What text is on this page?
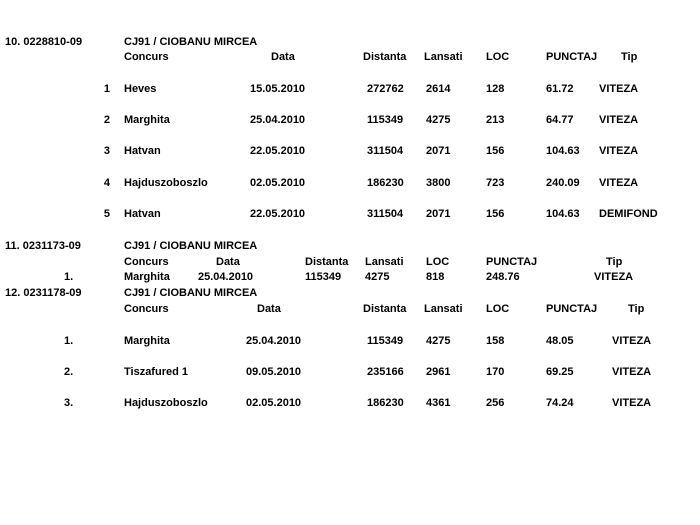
10. 0228810-09	CJ91 / CIOBANU MIRCEA
Concurs	Data	Distanta Lansati LOC	PUNCTAJ Tip
1 Heves	15.05.2010	272762 2614	128	61.72 VITEZA
2 Marghita	25.04.2010	115349 4275	213	64.77 VITEZA
3 Hatvan	22.05.2010	311504 2071	156	104.63 VITEZA
4 Hajduszoboszlo	02.05.2010	186230 3800	723	240.09 VITEZA
5 Hatvan	22.05.2010	311504 2071	156	104.63 DEMIFOND
11. 0231173-09	CJ91 / CIOBANU MIRCEA
Concurs	Data	Distanta Lansati LOC	PUNCTAJ	Tip
1.	Marghita	25.04.2010	115349 4275	818	248.76	VITEZA
12. 0231178-09	CJ91 / CIOBANU MIRCEA
Concurs	Data	Distanta Lansati LOC	PUNCTAJ	Tip
1.	Marghita	25.04.2010	115349 4275	158	48.05	VITEZA
2.	Tiszafured 1	09.05.2010	235166 2961	170	69.25	VITEZA
3.	Hajduszoboszlo	02.05.2010	186230 4361	256	74.24	VITEZA
